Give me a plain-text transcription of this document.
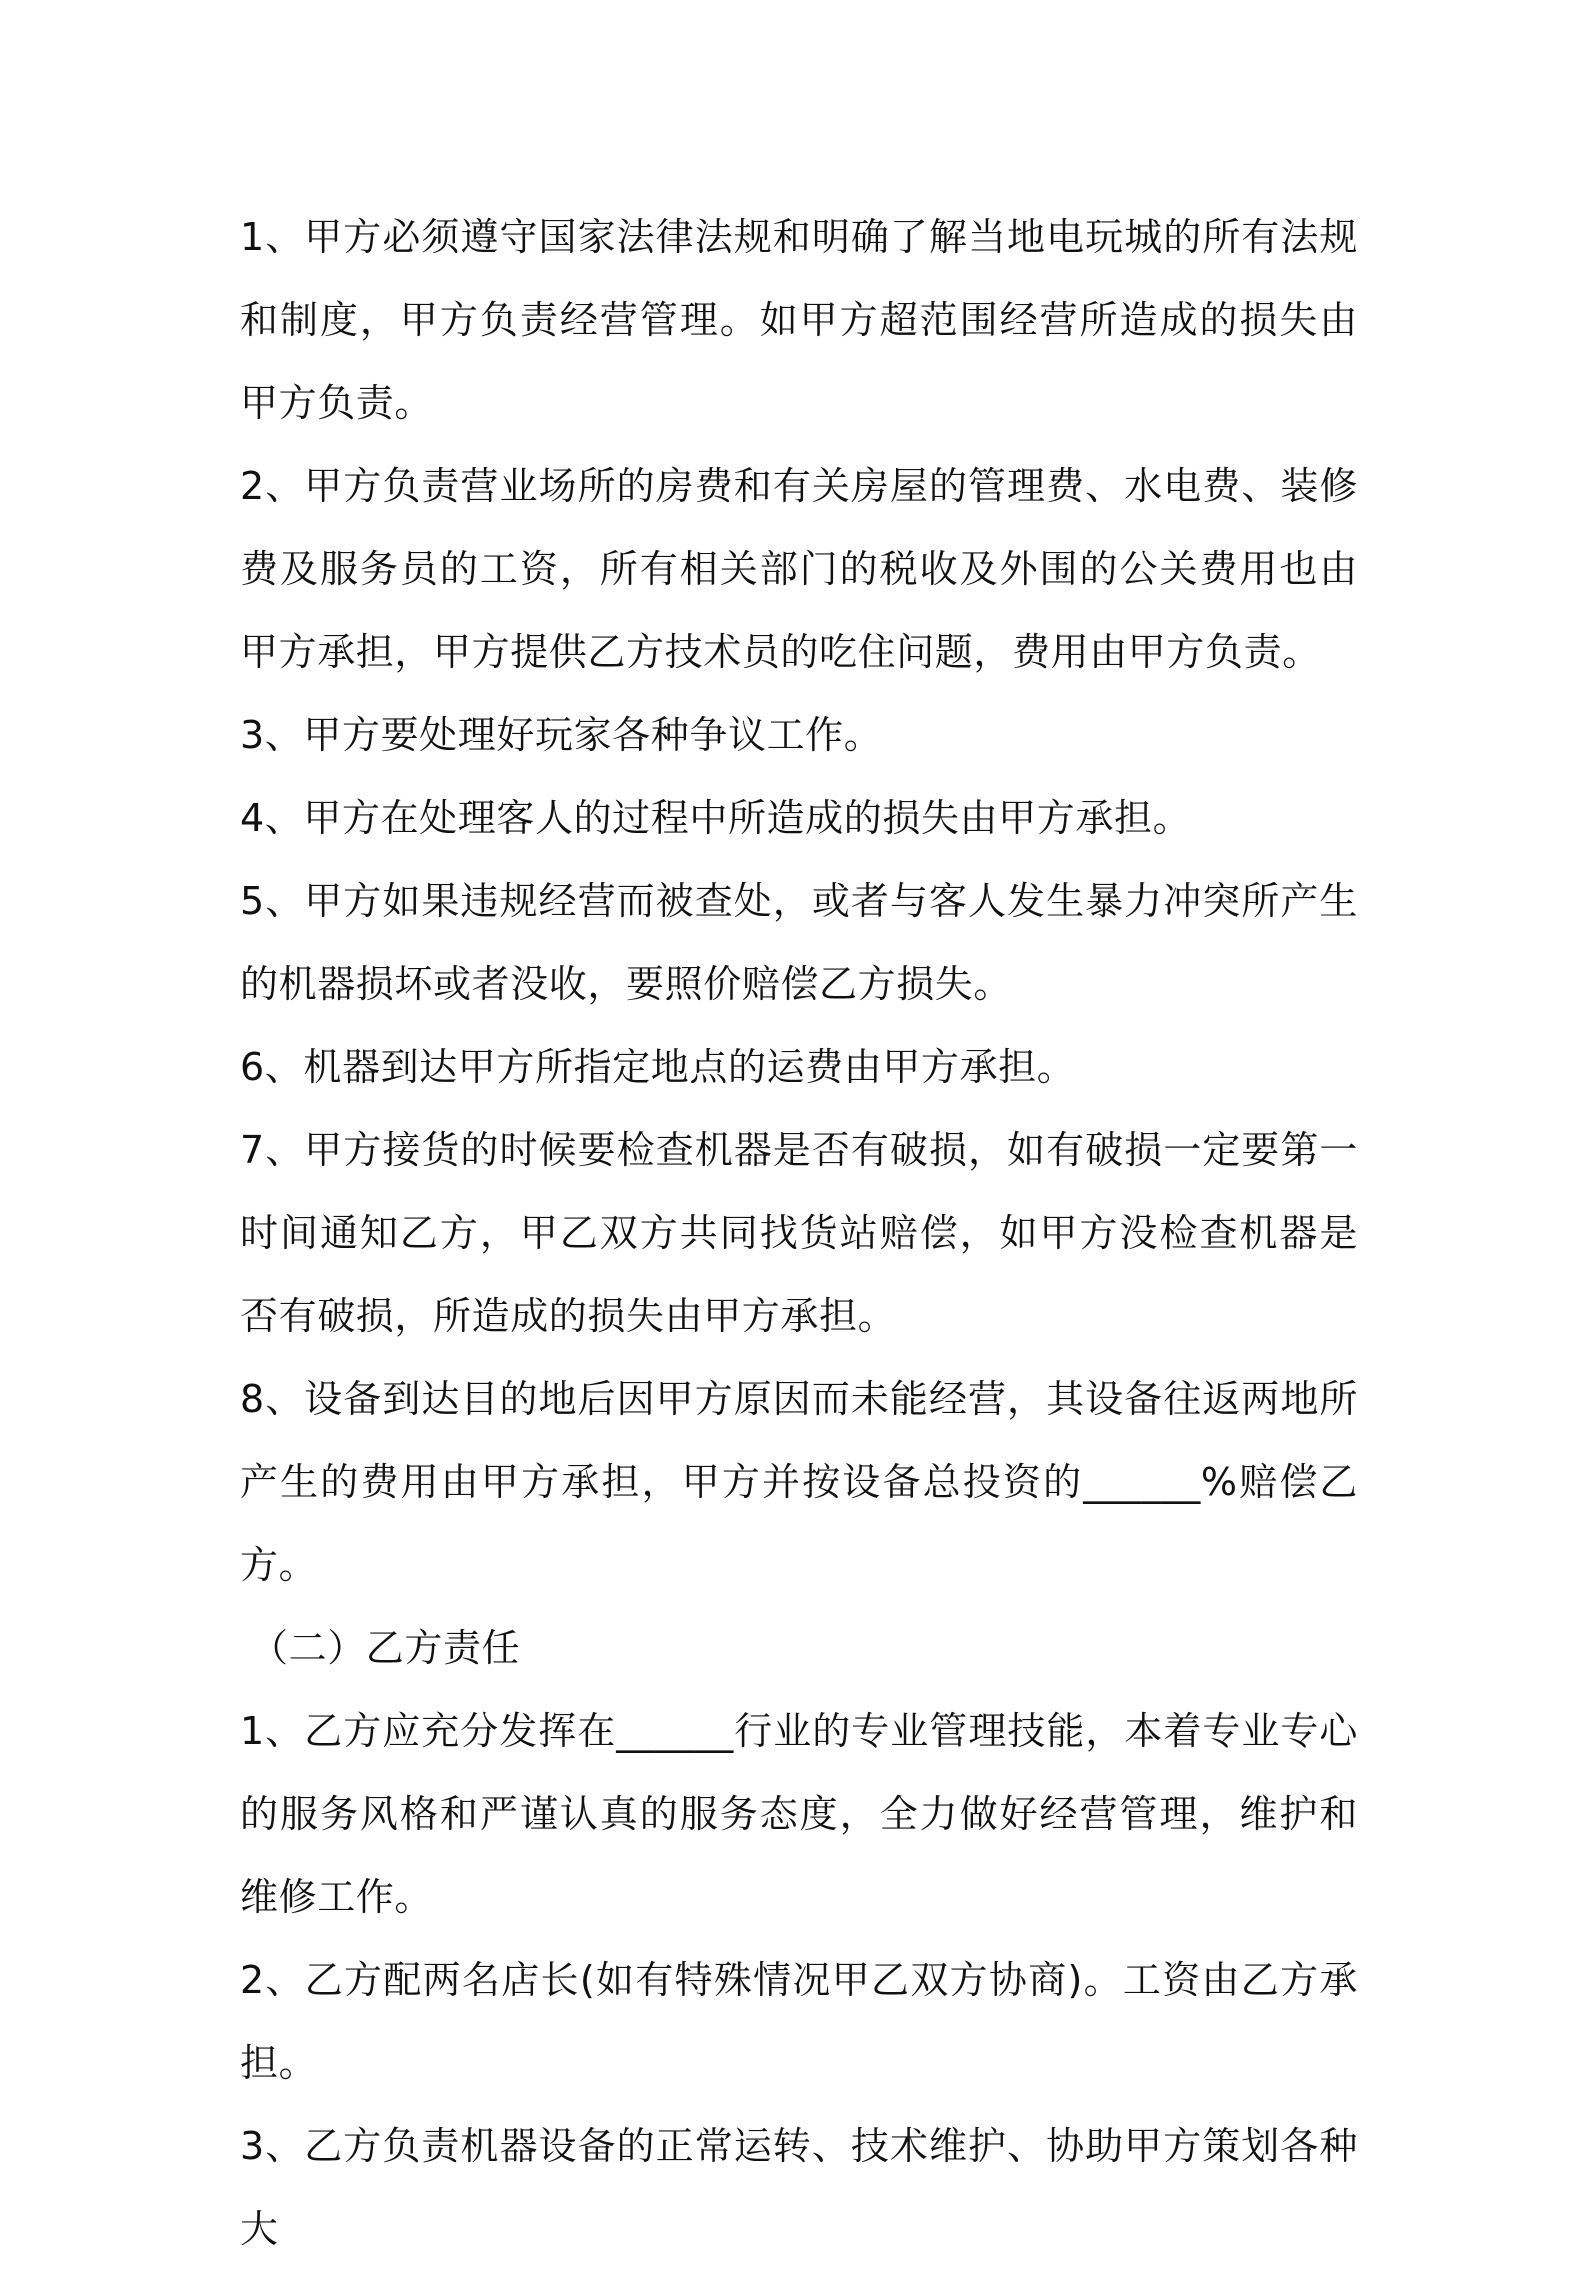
1、甲方必须遵守国家法律法规和明确了解当地电玩城的所有法规和制度，甲方负责经营管理。如甲方超范围经营所造成的损失由甲方负责。

2、甲方负责营业场所的房费和有关房屋的管理费、水电费、装修费及服务员的工资，所有相关部门的税收及外围的公关费用也由甲方承担，甲方提供乙方技术员的吃住问题，费用由甲方负责。

3、甲方要处理好玩家各种争议工作。

4、甲方在处理客人的过程中所造成的损失由甲方承担。

5、甲方如果违规经营而被查处，或者与客人发生暴力冲突所产生的机器损坏或者没收，要照价赔偿乙方损失。

6、机器到达甲方所指定地点的运费由甲方承担。

7、甲方接货的时候要检查机器是否有破损，如有破损一定要第一时间通知乙方，甲乙双方共同找货站赔偿，如甲方没检查机器是否有破损，所造成的损失由甲方承担。

8、设备到达目的地后因甲方原因而未能经营，其设备往返两地所产生的费用由甲方承担，甲方并按设备总投资的______%赔偿乙方。

（二）乙方责任

1、乙方应充分发挥在______行业的专业管理技能，本着专业专心的服务风格和严谨认真的服务态度，全力做好经营管理，维护和维修工作。

2、乙方配两名店长(如有特殊情况甲乙双方协商)。工资由乙方承担。

3、乙方负责机器设备的正常运转、技术维护、协助甲方策划各种大
